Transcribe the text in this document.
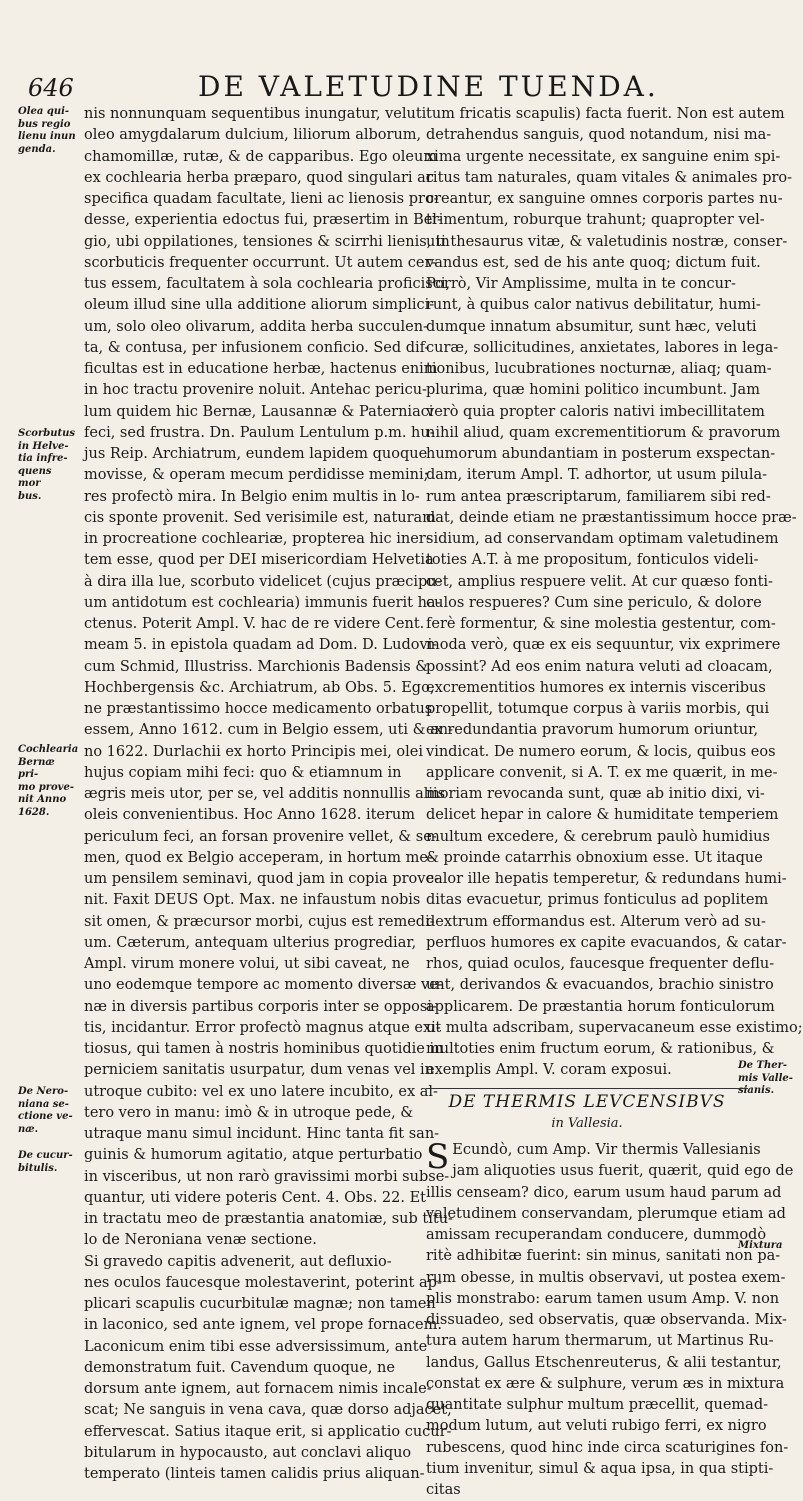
646	DE VALETUDINE TUENDA.
Olea qui-
bus regio
lienu inun
genda.
Scorbutus
in Helve-
tia infre-
quens mor
bus.
Cochlearia
Bernæ pri-
mo prove-
nit Anno
1628.
De Nero-
niana se-
ctione ve-
næ.
De cucur-
bitulis.
De Ther-
mis Valle-
sianis.
Mixtura
nis nonnunquam sequentibus inungatur, veluti
oleo amygdalarum dulcium, liliorum alborum,
chamomillæ, rutæ, & de capparibus. Ego oleum
ex cochlearia herba præparo, quod singulari ac
specifica quadam facultate, lieni ac lienosis pro-
desse, experientia edoctus fui, præsertim in Bel-
gio, ubi oppilationes, tensiones & scirrhi lienis, in
scorbuticis frequenter occurrunt. Ut autem cer-
tus essem, facultatem à sola cochlearia proficisci,
oleum illud sine ulla additione aliorum simplici-
um, solo oleo olivarum, addita herba succulen-
ta, & contusa, per infusionem conficio. Sed dif-
ficultas est in educatione herbæ, hactenus enim
in hoc tractu provenire noluit. Antehac pericu-
lum quidem hic Bernæ, Lausannæ & Paterniaci
feci, sed frustra. Dn. Paulum Lentulum p.m. hu-
jus Reip. Archiatrum, eundem lapidem quoque
movisse, & operam mecum perdidisse memini;
res profectò mira. In Belgio enim multis in lo-
cis sponte provenit. Sed verisimile est, naturam
in procreatione cochleariæ, propterea hic iner-
tem esse, quod per DEI misericordiam Helvetia
à dira illa lue, scorbuto videlicet (cujus præcipu-
um antidotum est cochlearia) immunis fuerit ha-
ctenus. Poterit Ampl. V. hac de re videre Cent.
meam 5. in epistola quadam ad Dom. D. Ludovi-
cum Schmid, Illustriss. Marchionis Badensis &
Hochbergensis &c. Archiatrum, ab Obs. 5. Ego,
ne præstantissimo hocce medicamento orbatus
essem, Anno 1612. cum in Belgio essem, uti & an-
no 1622. Durlachii ex horto Principis mei, olei
hujus copiam mihi feci: quo & etiamnum in
ægris meis utor, per se, vel additis nonnullis aliis
oleis convenientibus. Hoc Anno 1628. iterum
periculum feci, an forsan provenire vellet, & se-
men, quod ex Belgio acceperam, in hortum me-
um pensilem seminavi, quod jam in copia prove-
nit. Faxit DEUS Opt. Max. ne infaustum nobis
sit omen, & præcursor morbi, cujus est remedi-
um. Cæterum, antequam ulterius progrediar,
Ampl. virum monere volui, ut sibi caveat, ne
uno eodemque tempore ac momento diversæ ve-
næ in diversis partibus corporis inter se opposi-
tis, incidantur. Error profectò magnus atque exi-
tiosus, qui tamen à nostris hominibus quotidie in
perniciem sanitatis usurpatur, dum venas vel in
utroque cubito: vel ex uno latere incubito, ex al-
tero vero in manu: imò & in utroque pede, &
utraque manu simul incidunt. Hinc tanta fit san-
guinis & humorum agitatio, atque perturbatio
in visceribus, ut non rarò gravissimi morbi subse-
quantur, uti videre poteris Cent. 4. Obs. 22. Et
in tractatu meo de præstantia anatomiæ, sub titu-
lo de Neroniana venæ sectione.
Si gravedo capitis advenerit, aut defluxio-
nes oculos faucesque molestaverint, poterint ap-
plicari scapulis cucurbitulæ magnæ; non tamen
in laconico, sed ante ignem, vel prope fornacem.
Laconicum enim tibi esse adversissimum, ante
demonstratum fuit. Cavendum quoque, ne
dorsum ante ignem, aut fornacem nimis incale-
scat; Ne sanguis in vena cava, quæ dorso adjacet,
effervescat. Satius itaque erit, si applicatio cucur-
bitularum in hypocausto, aut conclavi aliquo
temperato (linteis tamen calidis prius aliquan-
tum fricatis scapulis) facta fuerit. Non est autem
detrahendus sanguis, quod notandum, nisi ma-
xima urgente necessitate, ex sanguine enim spi-
ritus tam naturales, quam vitales & animales pro-
creantur, ex sanguine omnes corporis partes nu-
trimentum, roburque trahunt; quapropter vel-
uti thesaurus vitæ, & valetudinis nostræ, conser-
vandus est, sed de his ante quoq; dictum fuit.
Porrò, Vir Amplissime, multa in te concur-
runt, à quibus calor nativus debilitatur, humi-
dumque innatum absumitur, sunt hæc, veluti
curæ, sollicitudines, anxietates, labores in lega-
tionibus, lucubrationes nocturnæ, aliaq; quam-
plurima, quæ homini politico incumbunt. Jam
verò quia propter caloris nativi imbecillitatem
nihil aliud, quam excrementitiorum & pravorum
humorum abundantiam in posterum exspectan-
dam, iterum Ampl. T. adhortor, ut usum pilula-
rum antea præscriptarum, familiarem sibi red-
dat, deinde etiam ne præstantissimum hocce præ-
sidium, ad conservandam optimam valetudinem
toties A.T. à me propositum, fonticulos videli-
cet, amplius respuere velit. At cur quæso fonti-
culos respueres? Cum sine periculo, & dolore
ferè formentur, & sine molestia gestentur, com-
moda verò, quæ ex eis sequuntur, vix exprimere
possint? Ad eos enim natura veluti ad cloacam,
excrementitios humores ex internis visceribus
propellit, totumque corpus à variis morbis, qui
ex redundantia pravorum humorum oriuntur,
vindicat. De numero eorum, & locis, quibus eos
applicare convenit, si A. T. ex me quærit, in me-
moriam revocanda sunt, quæ ab initio dixi, vi-
delicet hepar in calore & humiditate temperiem
multum excedere, & cerebrum paulò humidius
& proinde catarrhis obnoxium esse. Ut itaque
calor ille hepatis temperetur, & redundans humi-
ditas evacuetur, primus fonticulus ad poplitem
dextrum efformandus est. Alterum verò ad su-
perfluos humores ex capite evacuandos, & catar-
rhos, quiad oculos, faucesque frequenter deflu-
unt, derivandos & evacuandos, brachio sinistro
applicarem. De præstantia horum fonticulorum
ut multa adscribam, supervacaneum esse existimo;
multoties enim fructum eorum, & rationibus, &
exemplis Ampl. V. coram exposui.
DE THERMIS LEVCENSIBVS
in Vallesia.
S Ecundò, cum Amp. Vir thermis Vallesianis
jam aliquoties usus fuerit, quærit, quid ego de
illis censeam? dico, earum usum haud parum ad
valetudinem conservandam, plerumque etiam ad
amissam recuperandam conducere, dummodò
ritè adhibitæ fuerint: sin minus, sanitati non pa-
rum obesse, in multis observavi, ut postea exem-
plis monstrabo: earum tamen usum Amp. V. non
dissuadeo, sed observatis, quæ observanda. Mix-
tura autem harum thermarum, ut Martinus Ru-
landus, Gallus Etschenreuterus, & alii testantur,
constat ex ære & sulphure, verum æs in mixtura
quantitate sulphur multum præcellit, quemad-
modum lutum, aut veluti rubigo ferri, ex nigro
rubescens, quod hinc inde circa scaturigines fon-
tium invenitur, simul & aqua ipsa, in qua stipti-
citas
